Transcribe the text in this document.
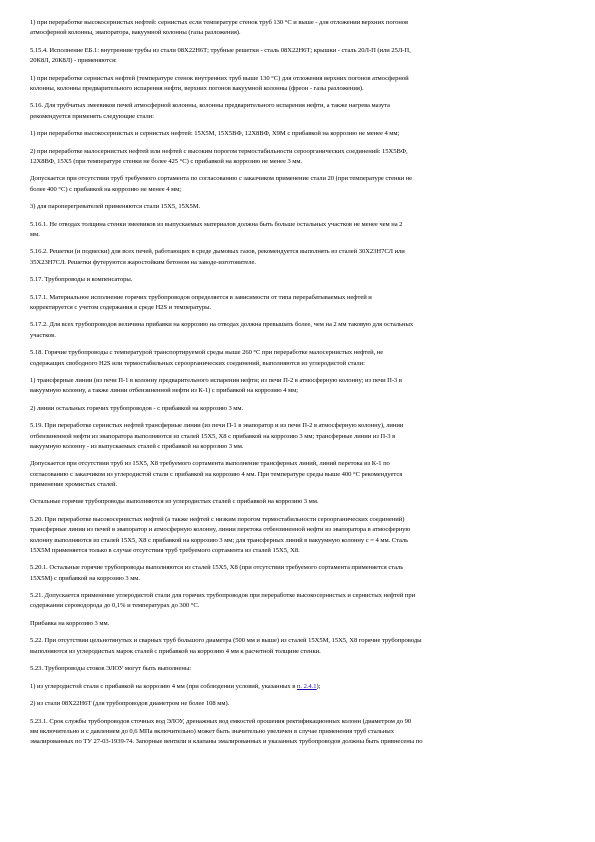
1) при переработке высокосернистых нефтей: сернистых если температуре стенок труб 130 °С и выше - для отложении верхних погонов
атмосферной колонны, эвапоратора, вакуумной колонны (газы разложения).

5.15.4. Исполнение ЕБ.1: внутренние трубы из стали 08Х22Н6Т; трубные решетки - сталь 08Х22Н6Т; крышки - сталь 20Л-П (или 25Л-П,
20К8Л, 20К8Л) - применяются:

1) при переработке сернистых нефтей (температуре стенок внутренних труб выше 130 °С) для отложения верхних погонов атмосферной
колонны, колонны предварительного испарения нефти, верхних погонов вакуумной колонны (фреон - газы разложения).

5.16. Для трубчатых змеевиков печей атмосферной колонны, колонны предварительного испарения нефти, а также нагрева мазута
рекомендуется применять следующие стали:

1) при переработке высокосернистых и сернистых нефтей: 15Х5М, 15Х5ВФ, 12Х8ВФ, Х9М с прибавкой на коррозию не менее 4 мм;

2) при переработке малосернистых нефтей или нефтей с высоким порогом термостабильности сероорганических соединений: 15Х5ВФ,
12Х8ВФ, 15Х5 (при температуре стенки не более 425 °С) с прибавкой на коррозию не менее 3 мм.

Допускается при отсутствии труб требуемого сортамента по согласованию с заказчиком применение стали 20 (при температуре стенки не
более 400 °С) с прибавкой на коррозию не менее 4 мм;

3) для пароперегревателей применяются стали 15Х5, 15Х5М.

5.16.1. Не отводах толщина стенки змеевиков из выпускаемых материалов должна быть больше остальных участков не менее чем на 2
мм.

5.16.2. Решетки (и подвески) для всех печей, работающих в среде дымовых газов, рекомендуется выполнять из сталей 30Х23Н7СЛ или
35Х23Н7СЛ. Решетки футеруются жаростойким бетоном на заводе-изготовителе.

5.17. Трубопроводы и компенсаторы.

5.17.1. Материальное исполнение горячих трубопроводов определяется в зависимости от типа перерабатываемых нефтей и
корректируется с учетом содержания в среде H2S и температуры.

5.17.2. Для всех трубопроводов величина прибавки на коррозию на отводах должна превышать более, чем на 2 мм таковую для остальных
участков.

5.18. Горячие трубопроводы с температурой транспортируемой среды выше 260 °С при переработке малосернистых нефтей, не
содержащих свободного H2S или термостабильных сероорганических соединений, выполняются из углеродистой стали:

1) трансферные линии (из печи П-1 в колонну предварительного испарения нефти; из печи П-2 в атмосферную колонну; из печи П-3 в
вакуумную колонну, а также линии отбензиненной нефти из К-1) с прибавкой на коррозию 4 мм;

2) линии остальных горячих трубопроводов - с прибавкой на коррозию 3 мм.

5.19. При переработке сернистых нефтей трансферные линии (из печи П-1 в эвапоратор и из печи П-2 в атмосферную колонну), линии
отбензиненной нефти из эвапоратора выполняются из сталей 15Х5, Х8 с прибавкой на коррозию 3 мм; трансферные линии из П-3 в
вакуумную колонну - из выпускаемых сталей с прибавкой на коррозию 3 мм.

Допускается при отсутствии труб из 15Х5, Х8 требуемого сортамента выполнение трансферных линий, линий перетока из К-1 по
согласованию с заказчиком из углеродистой стали с прибавкой на коррозию 4 мм. При температуре среды выше 400 °С рекомендуется
применение хромистых сталей.

Остальные горячие трубопроводы выполняются из углеродистых сталей с прибавкой на коррозию 3 мм.

5.20. При переработке высокосернистых нефтей (а также нефтей с низким порогом термостабильности сероорганических соединений)
трансферные линии из печей в эвапоратор и атмосферную колонну, линии перетока отбензиненной нефти из эвапоратора в атмосферную
колонну выполняются из сталей 15Х5, Х8 с прибавкой на коррозию 3 мм; для трансферных линий в вакуумную колонну с = 4 мм. Сталь
15Х5М применяется только в случае отсутствия труб требуемого сортамента из сталей 15Х5, Х8.

5.20.1. Остальные горячие трубопроводы выполняются из сталей 15Х5, Х8 (при отсутствии требуемого сортамента применяется сталь
15Х5М) с прибавкой на коррозию 3 мм.

5.21. Допускается применение углеродистой стали для горячих трубопроводов при переработке высокосернистых и сернистых нефтей при
содержании сероводорода до 0,1% и температурах до 300 °С.

Прибавка на коррозию 3 мм.

5.22. При отсутствии цельнотянутых и сварных труб большого диаметра (500 мм и выше) из сталей 15Х5М, 15Х5, Х8 горячие трубопроводы
выполняются из углеродистых марок сталей с прибавкой на коррозию 4 мм к расчетной толщине стенки.

5.23. Трубопроводы стоков ЭЛОУ могут быть выполнены:

1) из углеродистой стали с прибавкой на коррозию 4 мм (при соблюдении условий, указанных в п. 2.4.1);

2) из стали 08Х22Н6Т (для трубопроводов диаметром не более 108 мм).

5.23.1. Срок службы трубопроводов сточных вод ЭЛОУ, дренажных вод емкостей орошения ректификационных колонн (диаметром до 90
мм включительно и с давлением до 0,6 МПа включительно) может быть значительно увеличен в случае применения труб стальных
эмалированных по ТУ 27-03-1939-74. Запорные вентили и клапаны эмалированных и указанных трубопроводов должны быть привнесены по
